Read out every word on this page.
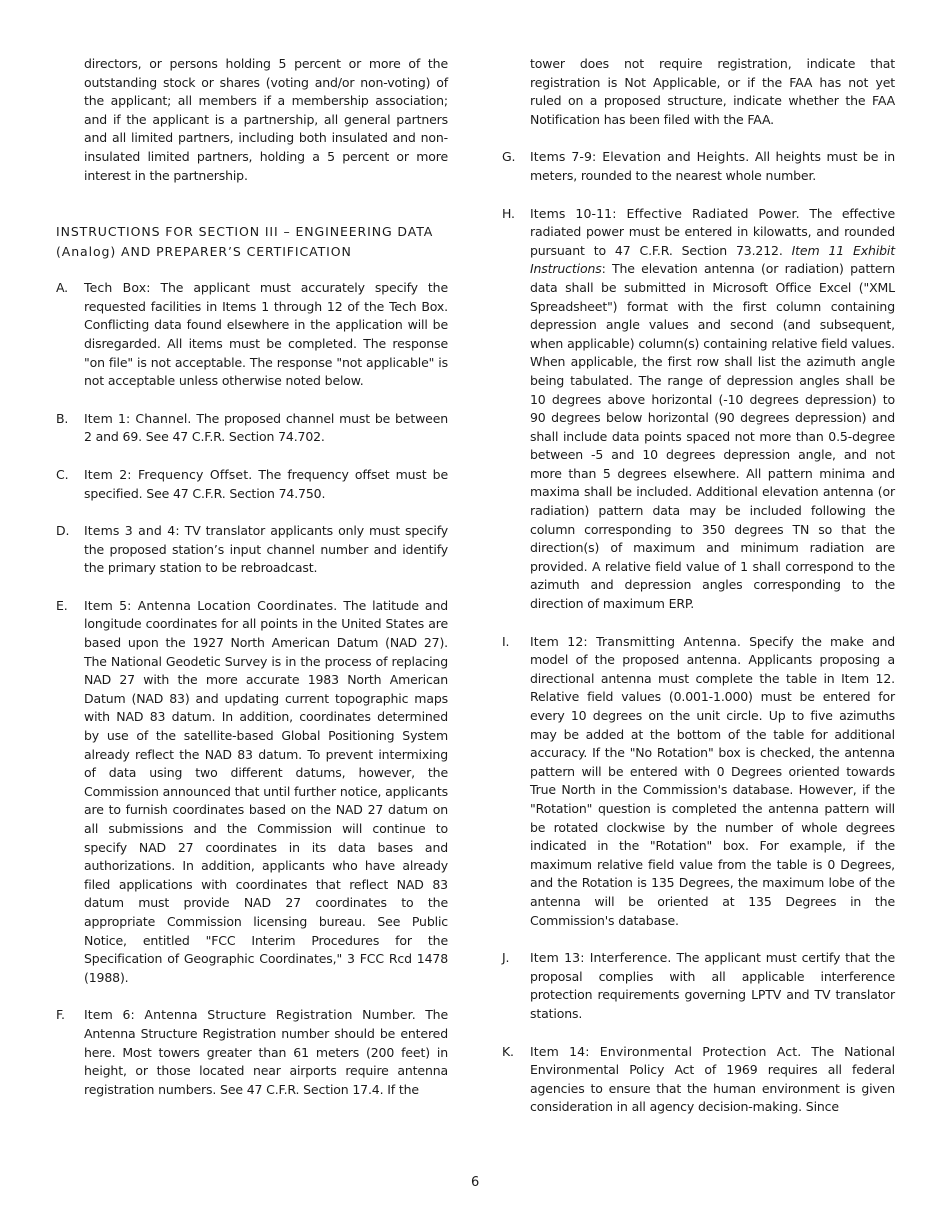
directors, or persons holding 5 percent or more of the outstanding stock or shares (voting and/or non-voting) of the applicant; all members if a membership association; and if the applicant is a partnership, all general partners and all limited partners, including both insulated and non-insulated limited partners, holding a 5 percent or more interest in the partnership.
INSTRUCTIONS FOR SECTION III – ENGINEERING DATA (Analog) AND PREPARER’S CERTIFICATION
A. Tech Box: The applicant must accurately specify the requested facilities in Items 1 through 12 of the Tech Box. Conflicting data found elsewhere in the application will be disregarded. All items must be completed. The response "on file" is not acceptable. The response "not applicable" is not acceptable unless otherwise noted below.
B. Item 1: Channel. The proposed channel must be between 2 and 69. See 47 C.F.R. Section 74.702.
C. Item 2: Frequency Offset. The frequency offset must be specified. See 47 C.F.R. Section 74.750.
D. Items 3 and 4: TV translator applicants only must specify the proposed station’s input channel number and identify the primary station to be rebroadcast.
E. Item 5: Antenna Location Coordinates. The latitude and longitude coordinates for all points in the United States are based upon the 1927 North American Datum (NAD 27). The National Geodetic Survey is in the process of replacing NAD 27 with the more accurate 1983 North American Datum (NAD 83) and updating current topographic maps with NAD 83 datum. In addition, coordinates determined by use of the satellite-based Global Positioning System already reflect the NAD 83 datum. To prevent intermixing of data using two different datums, however, the Commission announced that until further notice, applicants are to furnish coordinates based on the NAD 27 datum on all submissions and the Commission will continue to specify NAD 27 coordinates in its data bases and authorizations. In addition, applicants who have already filed applications with coordinates that reflect NAD 83 datum must provide NAD 27 coordinates to the appropriate Commission licensing bureau. See Public Notice, entitled "FCC Interim Procedures for the Specification of Geographic Coordinates," 3 FCC Rcd 1478 (1988).
F. Item 6: Antenna Structure Registration Number. The Antenna Structure Registration number should be entered here. Most towers greater than 61 meters (200 feet) in height, or those located near airports require antenna registration numbers. See 47 C.F.R. Section 17.4. If the
tower does not require registration, indicate that registration is Not Applicable, or if the FAA has not yet ruled on a proposed structure, indicate whether the FAA Notification has been filed with the FAA.
G. Items 7-9: Elevation and Heights. All heights must be in meters, rounded to the nearest whole number.
H. Items 10-11: Effective Radiated Power. The effective radiated power must be entered in kilowatts, and rounded pursuant to 47 C.F.R. Section 73.212. Item 11 Exhibit Instructions: The elevation antenna (or radiation) pattern data shall be submitted in Microsoft Office Excel ("XML Spreadsheet") format with the first column containing depression angle values and second (and subsequent, when applicable) column(s) containing relative field values. When applicable, the first row shall list the azimuth angle being tabulated. The range of depression angles shall be 10 degrees above horizontal (-10 degrees depression) to 90 degrees below horizontal (90 degrees depression) and shall include data points spaced not more than 0.5-degree between -5 and 10 degrees depression angle, and not more than 5 degrees elsewhere. All pattern minima and maxima shall be included. Additional elevation antenna (or radiation) pattern data may be included following the column corresponding to 350 degrees TN so that the direction(s) of maximum and minimum radiation are provided. A relative field value of 1 shall correspond to the azimuth and depression angles corresponding to the direction of maximum ERP.
I. Item 12: Transmitting Antenna. Specify the make and model of the proposed antenna. Applicants proposing a directional antenna must complete the table in Item 12. Relative field values (0.001-1.000) must be entered for every 10 degrees on the unit circle. Up to five azimuths may be added at the bottom of the table for additional accuracy. If the "No Rotation" box is checked, the antenna pattern will be entered with 0 Degrees oriented towards True North in the Commission's database. However, if the "Rotation" question is completed the antenna pattern will be rotated clockwise by the number of whole degrees indicated in the "Rotation" box. For example, if the maximum relative field value from the table is 0 Degrees, and the Rotation is 135 Degrees, the maximum lobe of the antenna will be oriented at 135 Degrees in the Commission's database.
J. Item 13: Interference. The applicant must certify that the proposal complies with all applicable interference protection requirements governing LPTV and TV translator stations.
K. Item 14: Environmental Protection Act. The National Environmental Policy Act of 1969 requires all federal agencies to ensure that the human environment is given consideration in all agency decision-making. Since
6
